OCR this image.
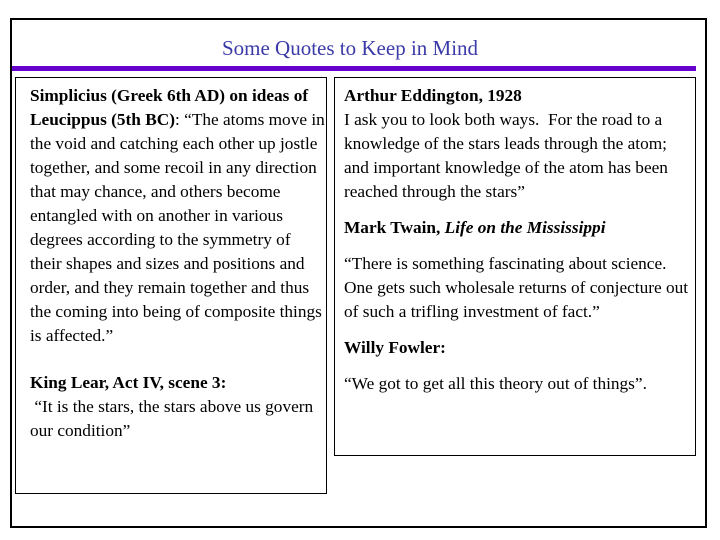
Some Quotes to Keep in Mind
Simplicius (Greek 6th AD) on ideas of Leucippus (5th BC): “The atoms move in the void and catching each other up jostle together, and some recoil in any direction that may chance, and others become entangled with on another in various degrees according to the symmetry of their shapes and sizes and positions and order, and they remain together and thus the coming into being of composite things is affected.”
King Lear, Act IV, scene 3:
“It is the stars, the stars above us govern our condition”
Arthur Eddington, 1928
I ask you to look both ways.  For the road to a knowledge of the stars leads through the atom; and important knowledge of the atom has been reached through the stars”
Mark Twain, Life on the Mississippi
“There is something fascinating about science.  One gets such wholesale returns of conjecture out of such a trifling investment of fact.”
Willy Fowler:
“We got to get all this theory out of things”.
